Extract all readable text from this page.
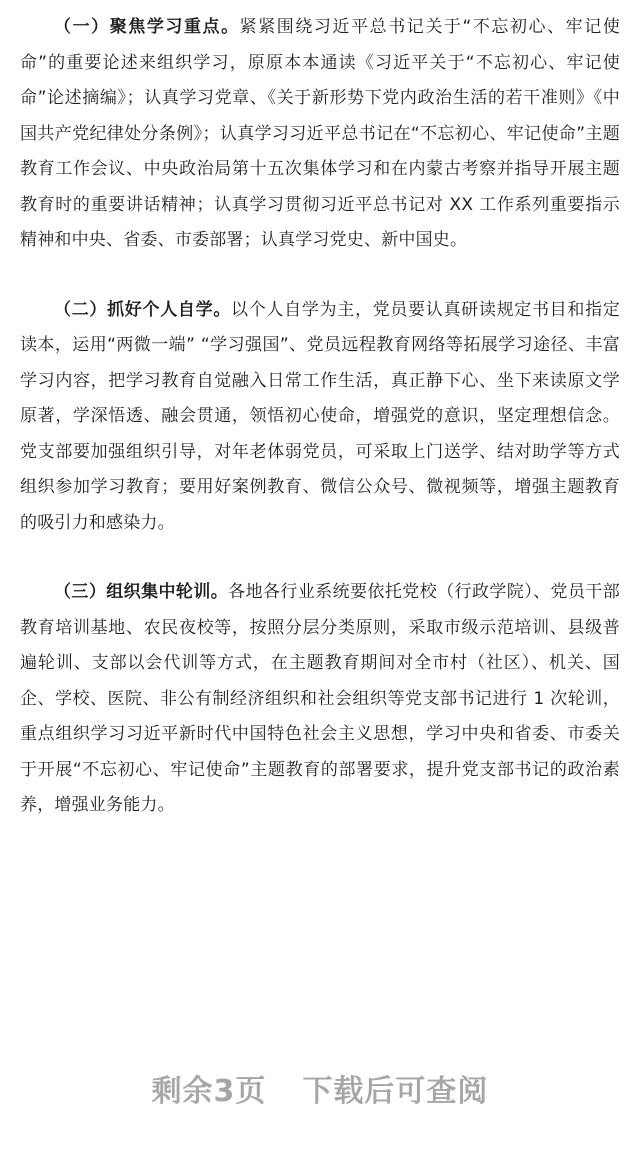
（一）聚焦学习重点。紧紧围绕习近平总书记关于“不忘初心、牢记使命”的重要论述来组织学习，原原本本通读《习近平关于“不忘初心、牢记使命”论述摘编》；认真学习党章、《关于新形势下党内政治生活的若干准则》《中国共产党纪律处分条例》；认真学习习近平总书记在“不忘初心、牢记使命”主题教育工作会议、中央政治局第十五次集体学习和在内蒙古考察并指导开展主题教育时的重要讲话精神；认真学习贯彻习近平总书记对 XX 工作系列重要指示精神和中央、省委、市委部署；认真学习党史、新中国史。

（二）抓好个人自学。以个人自学为主，党员要认真研读规定书目和指定读本，运用“两微一端” “学习强国”、党员远程教育网络等拓展学习途径、丰富学习内容，把学习教育自觉融入日常工作生活，真正静下心、坐下来读原文学原著，学深悟透、融会贯通，领悟初心使命，增强党的意识，坚定理想信念。党支部要加强组织引导，对年老体弱党员，可采取上门送学、结对助学等方式组织参加学习教育；要用好案例教育、微信公众号、微视频等，增强主题教育的吸引力和感染力。

（三）组织集中轮训。各地各行业系统要依托党校（行政学院）、党员干部教育培训基地、农民夜校等，按照分层分类原则，采取市级示范培训、县级普遍轮训、支部以会代训等方式，在主题教育期间对全市村（社区）、机关、国企、学校、医院、非公有制经济组织和社会组织等党支部书记进行 1 次轮训，重点组织学习习近平新时代中国特色社会主义思想，学习中央和省委、市委关于开展“不忘初心、牢记使命”主题教育的部署要求，提升党支部书记的政治素养，增强业务能力。

剩余3页 下载后可查阅
